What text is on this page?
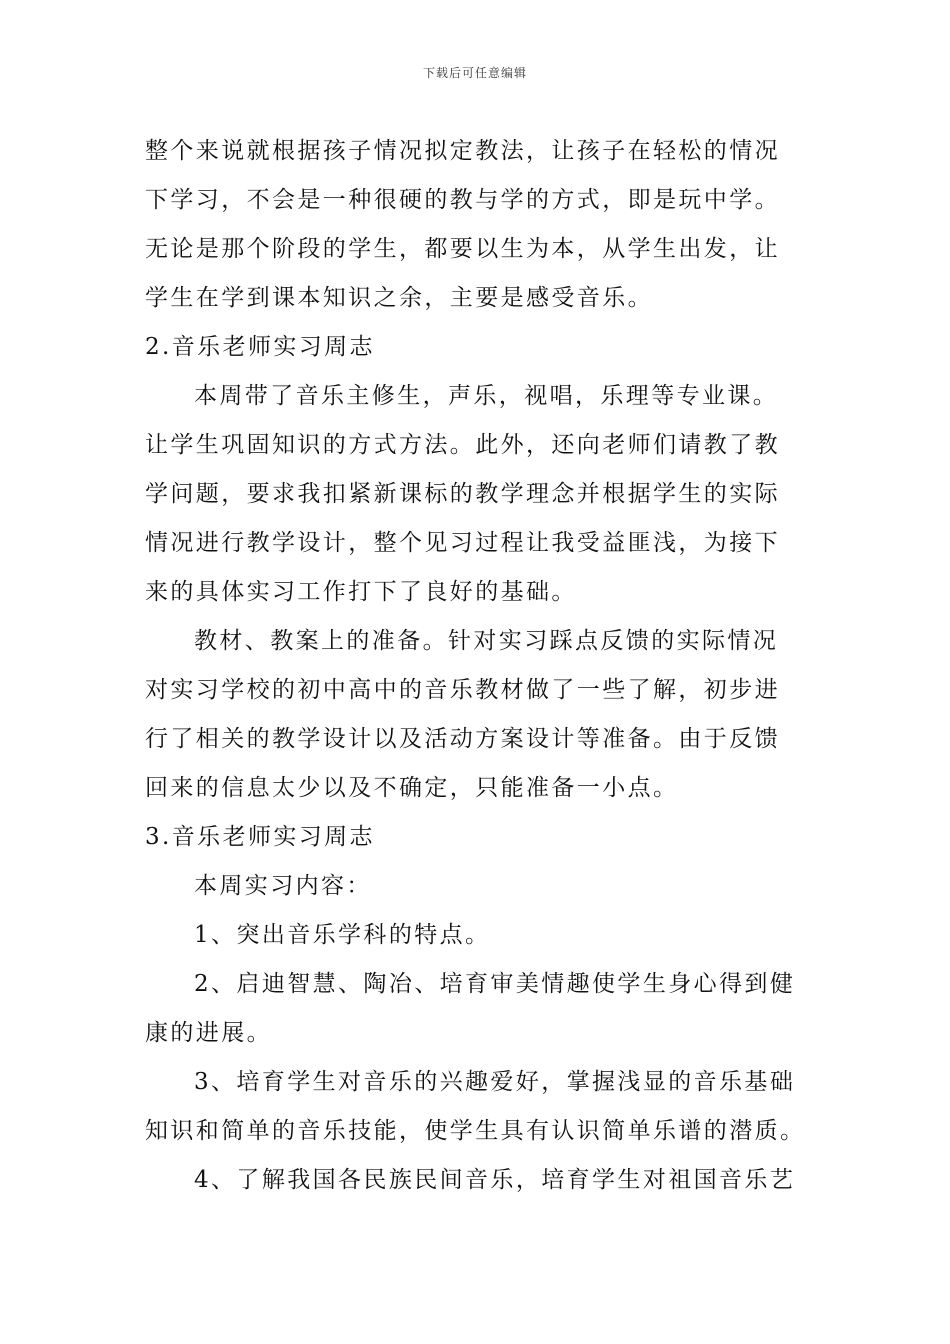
下载后可任意编辑
整个来说就根据孩子情况拟定教法，让孩子在轻松的情况
下学习，不会是一种很硬的教与学的方式，即是玩中学。
无论是那个阶段的学生，都要以生为本，从学生出发，让
学生在学到课本知识之余，主要是感受音乐。
2.音乐老师实习周志
本周带了音乐主修生，声乐，视唱，乐理等专业课。
让学生巩固知识的方式方法。此外，还向老师们请教了教
学问题，要求我扣紧新课标的教学理念并根据学生的实际
情况进行教学设计，整个见习过程让我受益匪浅，为接下
来的具体实习工作打下了良好的基础。
教材、教案上的准备。针对实习踩点反馈的实际情况
对实习学校的初中高中的音乐教材做了一些了解，初步进
行了相关的教学设计以及活动方案设计等准备。由于反馈
回来的信息太少以及不确定，只能准备一小点。
3.音乐老师实习周志
本周实习内容：
1、突出音乐学科的特点。
2、启迪智慧、陶冶、培育审美情趣使学生身心得到健
康的进展。
3、培育学生对音乐的兴趣爱好，掌握浅显的音乐基础
知识和简单的音乐技能，使学生具有认识简单乐谱的潜质。
4、了解我国各民族民间音乐，培育学生对祖国音乐艺
